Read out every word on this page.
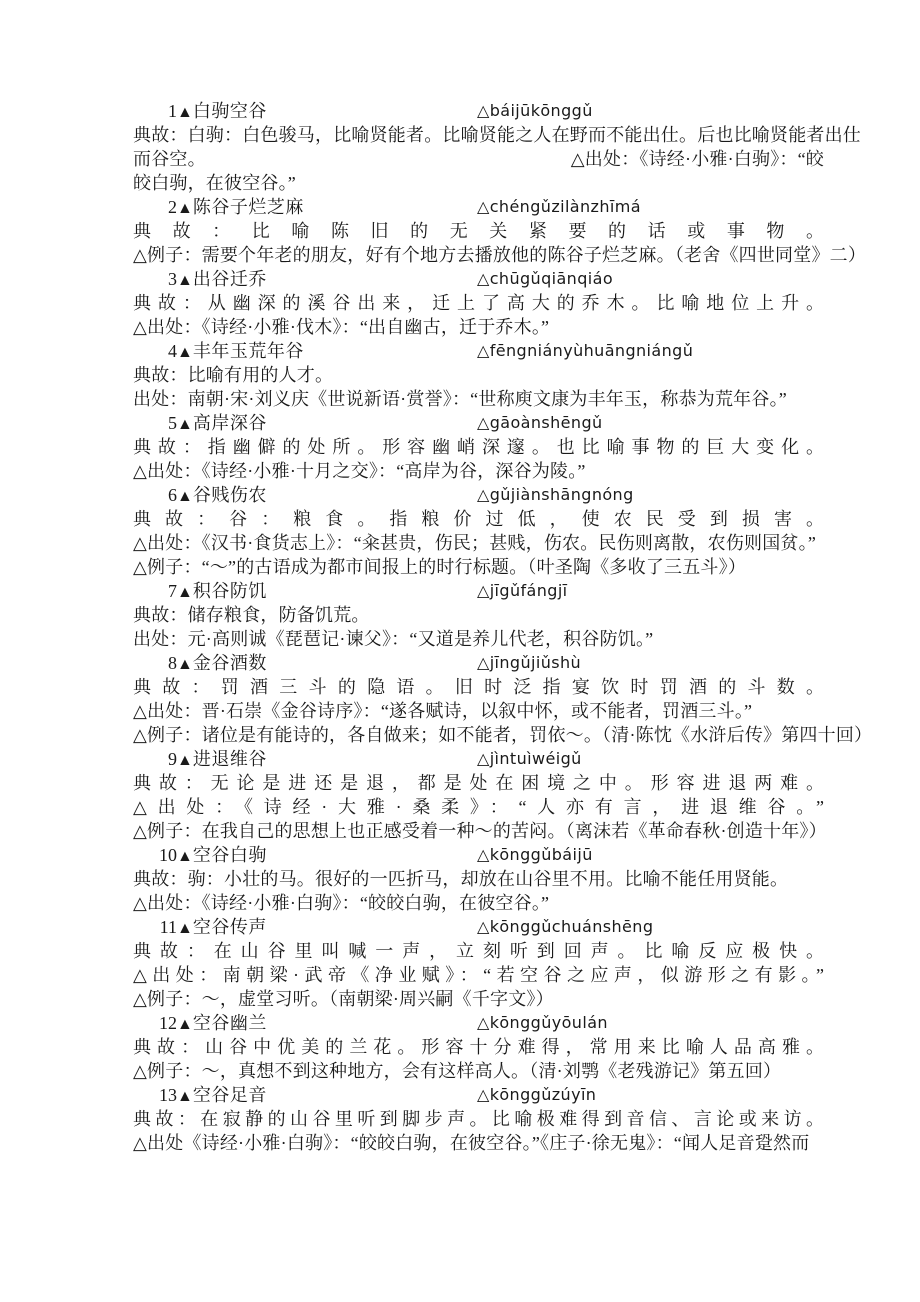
1▲白驹空谷	△báijūkōnggǔ
典故：白驹：白色骏马，比喻贤能者。比喻贤能之人在野而不能出仕。后也比喻贤能者出仕
而谷空。	△出处：《诗经·小雅·白驹》：“皎
皎白驹，在彼空谷。”
2▲陈谷子烂芝麻	△chéngǔzilànzhīmá
典故：比喻陈旧的无关紧要的话或事物。
△例子：需要个年老的朋友，好有个地方去播放他的陈谷子烂芝麻。（老舍《四世同堂》二）
3▲出谷迁乔	△chūgǔqiānqiáo
典故：从幽深的溪谷出来，迁上了高大的乔木。比喻地位上升。
△出处：《诗经·小雅·伐木》：“出自幽古，迁于乔木。”
4▲丰年玉荒年谷	△fēngniányùhuāngniángǔ
典故：比喻有用的人才。
出处：南朝·宋·刘义庆《世说新语·赏誉》：“世称庾文康为丰年玉，称恭为荒年谷。”
5▲高岸深谷	△gāoànshēngǔ
典故：指幽僻的处所。形容幽峭深邃。也比喻事物的巨大变化。
△出处：《诗经·小雅·十月之交》：“高岸为谷，深谷为陵。”
6▲谷贱伤农	△gǔjiànshāngnóng
典故：谷：粮食。指粮价过低，使农民受到损害。
△出处：《汉书·食货志上》：“籴甚贵，伤民；甚贱，伤农。民伤则离散，农伤则国贫。”
△例子：“～”的古语成为都市间报上的时行标题。（叶圣陶《多收了三五斗》）
7▲积谷防饥	△jīgǔfángjī
典故：储存粮食，防备饥荒。
出处：元·高则诚《琵琶记·谏父》：“又道是养儿代老，积谷防饥。”
8▲金谷酒数	△jīngǔjiǔshù
典故：罚酒三斗的隐语。旧时泛指宴饮时罚酒的斗数。
△出处：晋·石崇《金谷诗序》：“遂各赋诗，以叙中怀，或不能者，罚酒三斗。”
△例子：诸位是有能诗的，各自做来；如不能者，罚依～。（清·陈忱《水浒后传》第四十回）
9▲进退维谷	△jìntuìwéigǔ
典故：无论是进还是退，都是处在困境之中。形容进退两难。
△出处：《诗经·大雅·桑柔》：“人亦有言，进退维谷。”
△例子：在我自己的思想上也正感受着一种～的苦闷。（离沫若《革命春秋·创造十年》）
10▲空谷白驹	△kōnggǔbáijū
典故：驹：小壮的马。很好的一匹折马，却放在山谷里不用。比喻不能任用贤能。
△出处：《诗经·小雅·白驹》：“皎皎白驹，在彼空谷。”
11▲空谷传声	△kōnggǔchuánshēng
典故：在山谷里叫喊一声，立刻听到回声。比喻反应极快。
△出处：南朝梁·武帝《净业赋》：“若空谷之应声，似游形之有影。”
△例子：～，虚堂习听。（南朝梁·周兴嗣《千字文》）
12▲空谷幽兰	△kōnggǔyōulán
典故：山谷中优美的兰花。形容十分难得，常用来比喻人品高雅。
△例子：～，真想不到这种地方，会有这样高人。（清·刘鹗《老残游记》第五回）
13▲空谷足音	△kōnggǔzúyīn
典故：在寂静的山谷里听到脚步声。比喻极难得到音信、言论或来访。
△出处《诗经·小雅·白驹》：“皎皎白驹，在彼空谷。”《庄子·徐无鬼》：“闻人足音跫然而
